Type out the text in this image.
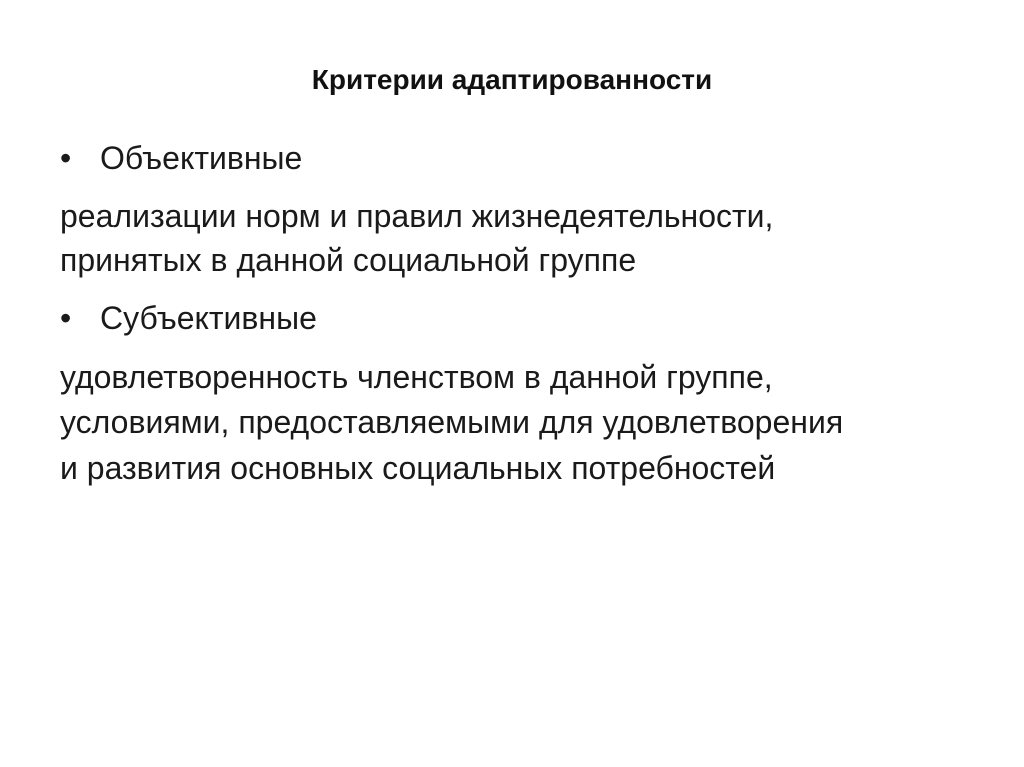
Критерии адаптированности
• Объективные
реализации норм и правил жизнедеятельности,
принятых в данной социальной группе
• Субъективные
удовлетворенность членством в данной группе,
условиями, предоставляемыми для удовлетворения
и развития основных социальных потребностей
